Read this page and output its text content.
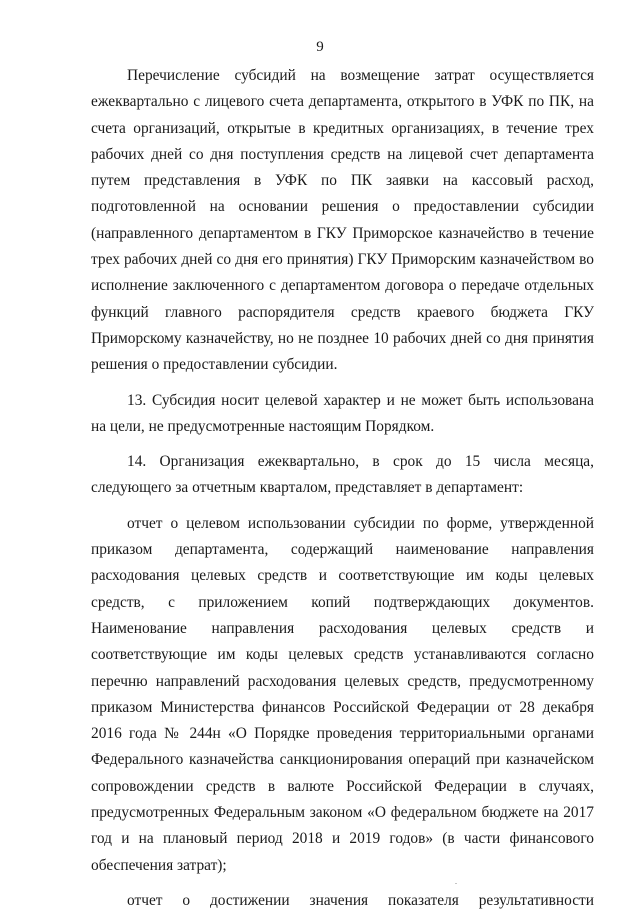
9

Перечисление субсидий на возмещение затрат осуществляется ежеквартально с лицевого счета департамента, открытого в УФК по ПК, на счета организаций, открытые в кредитных организациях, в течение трех рабочих дней со дня поступления средств на лицевой счет департамента путем представления в УФК по ПК заявки на кассовый расход, подготовленной на основании решения о предоставлении субсидии (направленного департаментом в ГКУ Приморское казначейство в течение трех рабочих дней со дня его принятия) ГКУ Приморским казначейством во исполнение заключенного с департаментом договора о передаче отдельных функций главного распорядителя средств краевого бюджета ГКУ Приморскому казначейству, но не позднее 10 рабочих дней со дня принятия решения о предоставлении субсидии.

13. Субсидия носит целевой характер и не может быть использована на цели, не предусмотренные настоящим Порядком.

14. Организация ежеквартально, в срок до 15 числа месяца, следующего за отчетным кварталом, представляет в департамент:

отчет о целевом использовании субсидии по форме, утвержденной приказом департамента, содержащий наименование направления расходования целевых средств и соответствующие им коды целевых средств, с приложением копий подтверждающих документов. Наименование направления расходования целевых средств и соответствующие им коды целевых средств устанавливаются согласно перечню направлений расходования целевых средств, предусмотренному приказом Министерства финансов Российской Федерации от 28 декабря 2016 года № 244н «О Порядке проведения территориальными органами Федерального казначейства санкционирования операций при казначейском сопровождении средств в валюте Российской Федерации в случаях, предусмотренных Федеральным законом «О федеральном бюджете на 2017 год и на плановый период 2018 и 2019 годов» (в части финансового обеспечения затрат);

отчет о достижении значения показателя результативности

.
